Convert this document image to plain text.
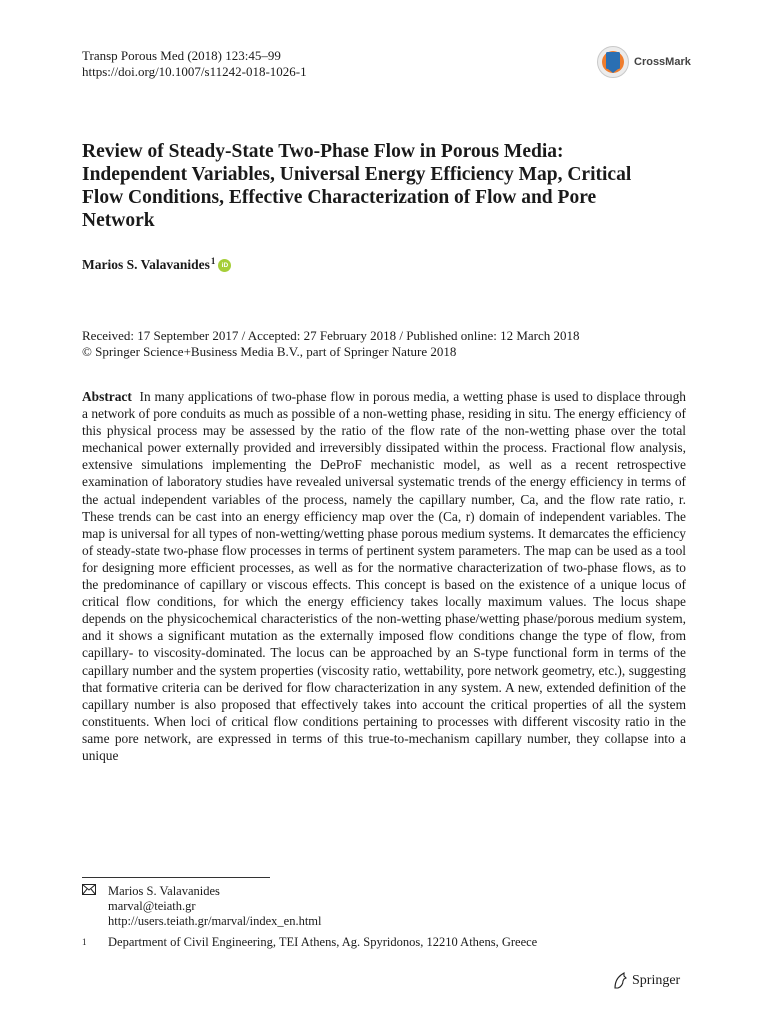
Transp Porous Med (2018) 123:45–99
https://doi.org/10.1007/s11242-018-1026-1
CrossMark
Review of Steady-State Two-Phase Flow in Porous Media: Independent Variables, Universal Energy Efficiency Map, Critical Flow Conditions, Effective Characterization of Flow and Pore Network
Marios S. Valavanides$^1$ iD
Received: 17 September 2017 / Accepted: 27 February 2018 / Published online: 12 March 2018
© Springer Science+Business Media B.V., part of Springer Nature 2018
Abstract In many applications of two-phase flow in porous media, a wetting phase is used to displace through a network of pore conduits as much as possible of a non-wetting phase, residing in situ. The energy efficiency of this physical process may be assessed by the ratio of the flow rate of the non-wetting phase over the total mechanical power externally provided and irreversibly dissipated within the process. Fractional flow analysis, extensive simulations implementing the DeProF mechanistic model, as well as a recent retrospective examination of laboratory studies have revealed universal systematic trends of the energy efficiency in terms of the actual independent variables of the process, namely the capillary number, Ca, and the flow rate ratio, r. These trends can be cast into an energy efficiency map over the (Ca, r) domain of independent variables. The map is universal for all types of non-wetting/wetting phase porous medium systems. It demarcates the efficiency of steady-state two-phase flow processes in terms of pertinent system parameters. The map can be used as a tool for designing more efficient processes, as well as for the normative characterization of two-phase flows, as to the predominance of capillary or viscous effects. This concept is based on the existence of a unique locus of critical flow conditions, for which the energy efficiency takes locally maximum values. The locus shape depends on the physicochemical characteristics of the non-wetting phase/wetting phase/porous medium system, and it shows a significant mutation as the externally imposed flow conditions change the type of flow, from capillary- to viscosity-dominated. The locus can be approached by an S-type functional form in terms of the capillary number and the system properties (viscosity ratio, wettability, pore network geometry, etc.), suggesting that formative criteria can be derived for flow characterization in any system. A new, extended definition of the capillary number is also proposed that effectively takes into account the critical properties of all the system constituents. When loci of critical flow conditions pertaining to processes with different viscosity ratio in the same pore network, are expressed in terms of this true-to-mechanism capillary number, they collapse into a unique
Marios S. Valavanides
marval@teiath.gr
http://users.teiath.gr/marval/index_en.html
1	Department of Civil Engineering, TEI Athens, Ag. Spyridonos, 12210 Athens, Greece
Springer
